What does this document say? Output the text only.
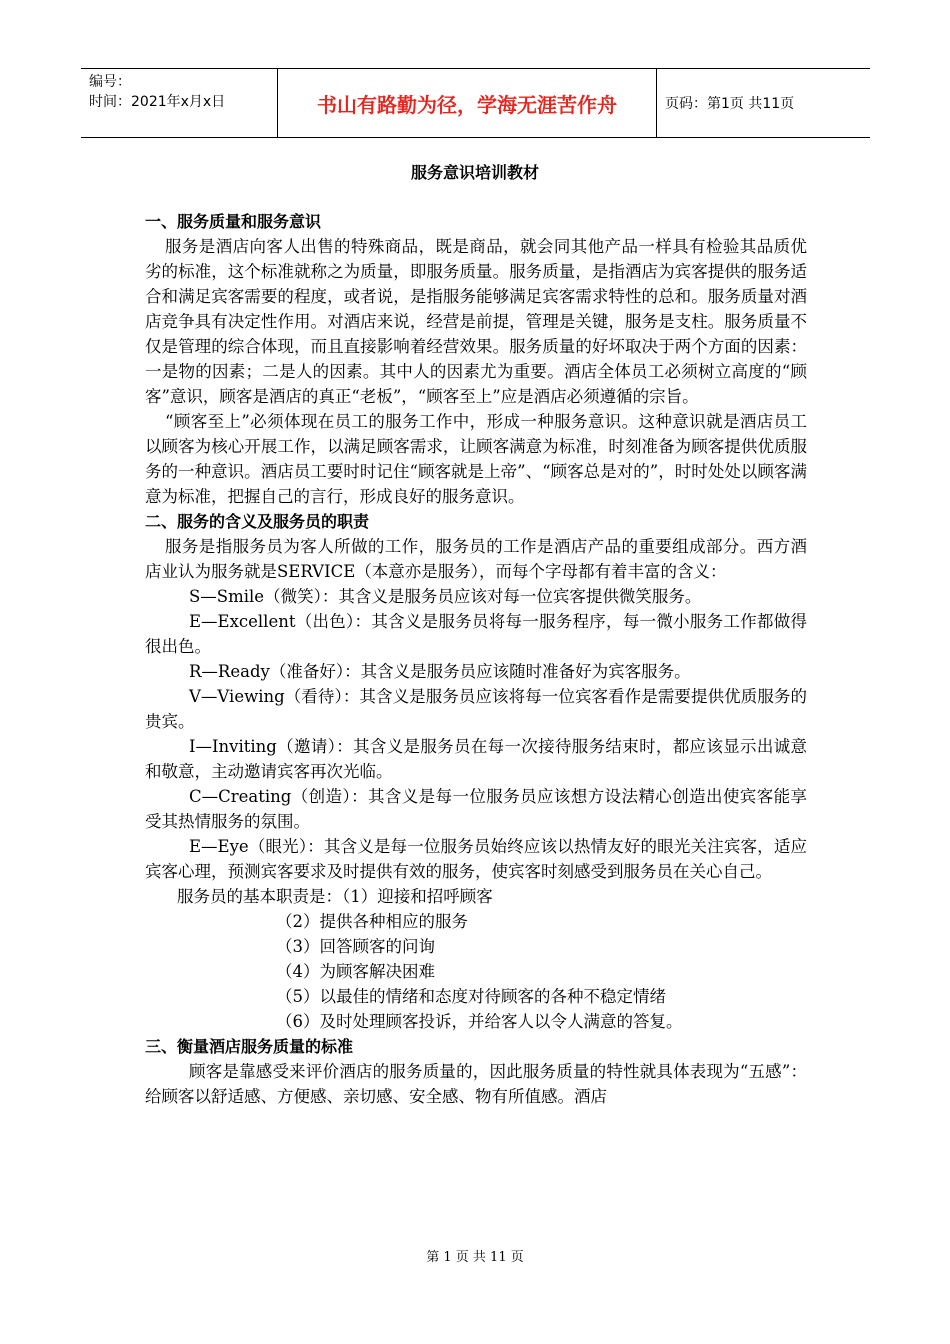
编号：
时间：2021年x月x日	书山有路勤为径，学海无涯苦作舟	页码：第1页 共11页
服务意识培训教材

一、服务质量和服务意识

服务是酒店向客人出售的特殊商品，既是商品，就会同其他产品一样具有检验其品质优劣的标准，这个标准就称之为质量，即服务质量。服务质量，是指酒店为宾客提供的服务适合和满足宾客需要的程度，或者说，是指服务能够满足宾客需求特性的总和。服务质量对酒店竞争具有决定性作用。对酒店来说，经营是前提，管理是关键，服务是支柱。服务质量不仅是管理的综合体现，而且直接影响着经营效果。服务质量的好坏取决于两个方面的因素：一是物的因素；二是人的因素。其中人的因素尤为重要。酒店全体员工必须树立高度的“顾客”意识，顾客是酒店的真正“老板”，“顾客至上”应是酒店必须遵循的宗旨。

“顾客至上”必须体现在员工的服务工作中，形成一种服务意识。这种意识就是酒店员工以顾客为核心开展工作，以满足顾客需求，让顾客满意为标准，时刻准备为顾客提供优质服务的一种意识。酒店员工要时时记住“顾客就是上帝”、“顾客总是对的”，时时处处以顾客满意为标准，把握自己的言行，形成良好的服务意识。

二、服务的含义及服务员的职责

服务是指服务员为客人所做的工作，服务员的工作是酒店产品的重要组成部分。西方酒店业认为服务就是SERVICE（本意亦是服务），而每个字母都有着丰富的含义：

S—Smile（微笑）：其含义是服务员应该对每一位宾客提供微笑服务。

E—Excellent（出色）：其含义是服务员将每一服务程序，每一微小服务工作都做得很出色。

R—Ready（准备好）：其含义是服务员应该随时准备好为宾客服务。

V—Viewing（看待）：其含义是服务员应该将每一位宾客看作是需要提供优质服务的贵宾。

I—Inviting（邀请）：其含义是服务员在每一次接待服务结束时，都应该显示出诚意和敬意，主动邀请宾客再次光临。

C—Creating（创造）：其含义是每一位服务员应该想方设法精心创造出使宾客能享受其热情服务的氛围。

E—Eye（眼光）：其含义是每一位服务员始终应该以热情友好的眼光关注宾客，适应宾客心理，预测宾客要求及时提供有效的服务，使宾客时刻感受到服务员在关心自己。

服务员的基本职责是：（1）迎接和招呼顾客

（2）提供各种相应的服务

（3）回答顾客的问询

（4）为顾客解决困难

（5）以最佳的情绪和态度对待顾客的各种不稳定情绪

（6）及时处理顾客投诉，并给客人以令人满意的答复。

三、衡量酒店服务质量的标准

顾客是靠感受来评价酒店的服务质量的，因此服务质量的特性就具体表现为“五感”：给顾客以舒适感、方便感、亲切感、安全感、物有所值感。酒店

第 1 页 共 11 页
